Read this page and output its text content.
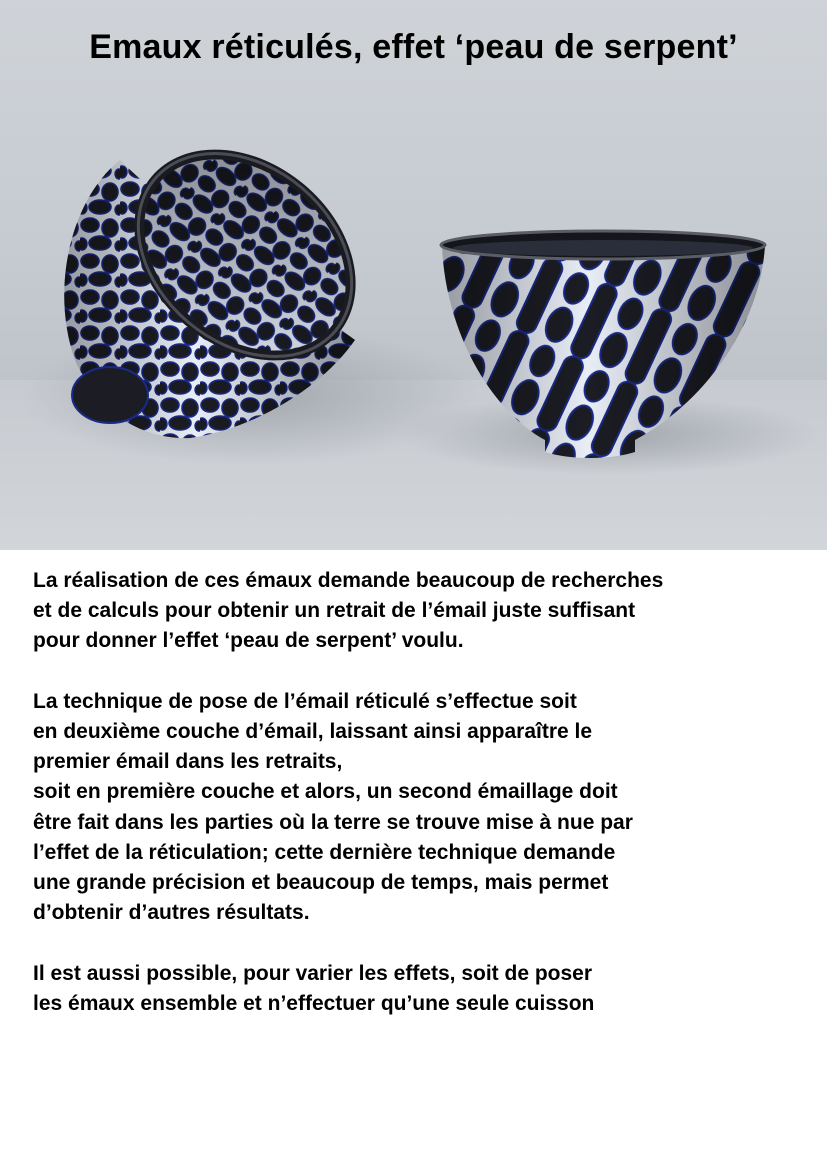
Emaux réticulés, effet ‘peau de serpent’

La réalisation de ces émaux demande beaucoup de recherches
et de calculs pour obtenir un retrait de l’émail juste suffisant
pour donner l’effet ‘peau de serpent’ voulu.

La technique de pose de l’émail réticulé s’effectue soit
en deuxième couche d’émail, laissant ainsi apparaître le
premier émail dans les retraits,
soit en première couche et alors, un second émaillage doit
être fait dans les parties où la terre se trouve mise à nue par
l’effet de la réticulation; cette dernière technique demande
une grande précision et beaucoup de temps, mais permet
d’obtenir d’autres résultats.

Il est aussi possible, pour varier les effets, soit de poser
les émaux ensemble et n’effectuer qu’une seule cuisson
